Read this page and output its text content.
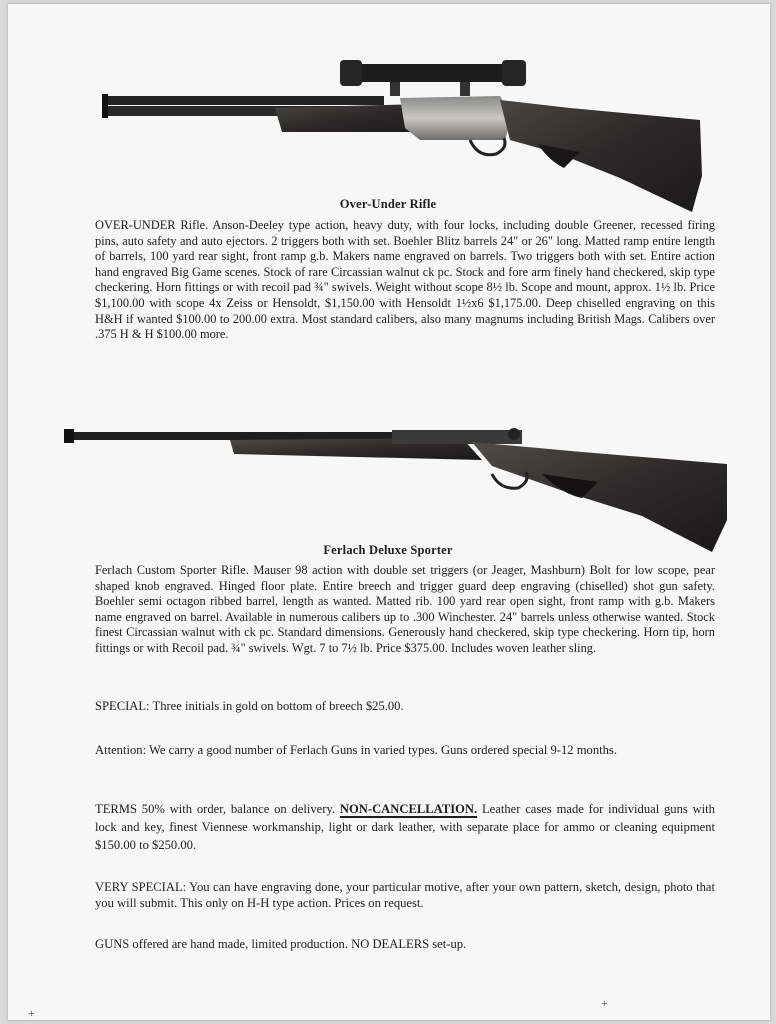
Over-Under Rifle

OVER-UNDER Rifle. Anson-Deeley type action, heavy duty, with four locks, including double Greener, recessed firing pins, auto safety and auto ejectors. 2 triggers both with set. Boehler Blitz barrels 24" or 26" long. Matted ramp entire length of barrels, 100 yard rear sight, front ramp g.b. Makers name engraved on barrels. Two triggers both with set. Entire action hand engraved Big Game scenes. Stock of rare Circassian walnut ck pc. Stock and fore arm finely hand checkered, skip type checkering. Horn fittings or with recoil pad ¾" swivels. Weight without scope 8½ lb. Scope and mount, approx. 1½ lb. Price $1,100.00 with scope 4x Zeiss or Hensoldt, $1,150.00 with Hensoldt 1½x6 $1,175.00. Deep chiselled engraving on this H&H if wanted $100.00 to 200.00 extra. Most standard calibers, also many magnums including British Mags. Calibers over .375 H & H $100.00 more.

Ferlach Deluxe Sporter

Ferlach Custom Sporter Rifle. Mauser 98 action with double set triggers (or Jeager, Mashburn) Bolt for low scope, pear shaped knob engraved. Hinged floor plate. Entire breech and trigger guard deep engraving (chiselled) shot gun safety. Boehler semi octagon ribbed barrel, length as wanted. Matted rib. 100 yard rear open sight, front ramp with g.b. Makers name engraved on barrel. Available in numerous calibers up to .300 Winchester. 24" barrels unless otherwise wanted. Stock finest Circassian walnut with ck pc. Standard dimensions. Generously hand checkered, skip type checkering. Horn tip, horn fittings or with Recoil pad. ¾" swivels. Wgt. 7 to 7½ lb. Price $375.00. Includes woven leather sling.

SPECIAL: Three initials in gold on bottom of breech $25.00.

Attention: We carry a good number of Ferlach Guns in varied types. Guns ordered special 9-12 months.

TERMS 50% with order, balance on delivery. NON-CANCELLATION. Leather cases made for individual guns with lock and key, finest Viennese workmanship, light or dark leather, with separate place for ammo or cleaning equipment $150.00 to $250.00.

VERY SPECIAL: You can have engraving done, your particular motive, after your own pattern, sketch, design, photo that you will submit. This only on H-H type action. Prices on request.

GUNS offered are hand made, limited production. NO DEALERS set-up.

+
+
